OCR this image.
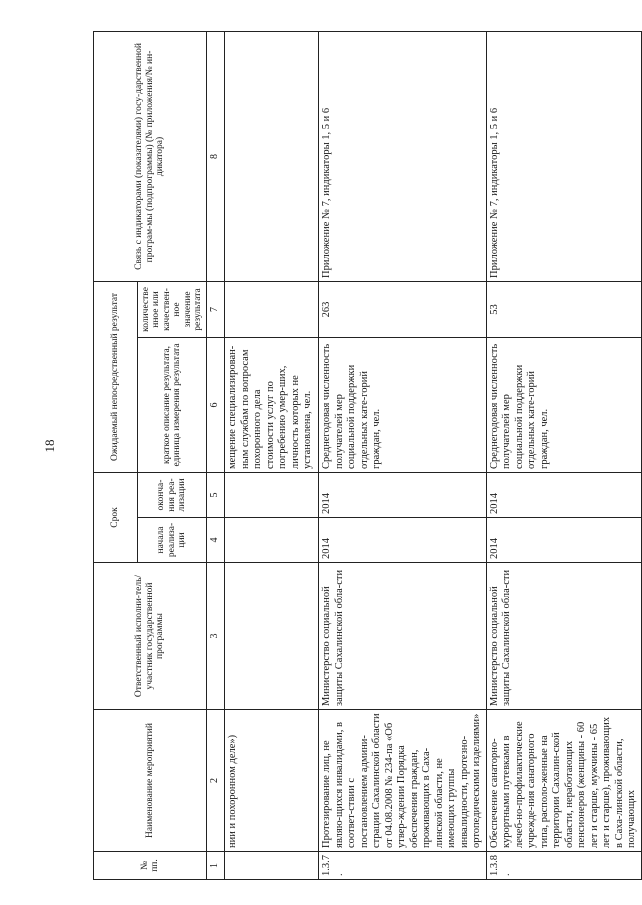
18
№ пп.	Наименование мероприятий	Ответственный исполни-тель/участник государственной программы	Срок		Ожидаемый непосредственный результат		Связь с индикаторами (показателями) госу-дарственной програм-мы (подпрограммы) (№ приложения/№ ин-дикатора)
			начала реализа-ции	оконча-ния реа-лизации	краткое описание результата, единица измерения результата	количественное или качествен-ное значение результата	
1	2	3	4	5	6	7	8
	нии и похоронном деле»)				мещение специализирован-ным службам по вопросам похоронного дела стоимости услуг по погребению умер-ших, личность которых не установлена, чел.		
1.3.7.	Протезирование лиц, не являю-щихся инвалидами, в соответ-ствии с постановлением админи-страции Сахалинской области от 04.08.2008 № 234-па «Об утвер-ждении Порядка обеспечения граждан, проживающих в Саха-линской области, не имеющих группы инвалидности, протезно-ортопедическими изделиями»	Министерство социальной защиты Сахалинской обла-сти	2014	2014	Среднегодовая численность получателей мер социальной поддержки отдельных кате-горий граждан, чел.	263	Приложение № 7, индикаторы 1, 5 и 6
1.3.8.	Обеспечение санаторно-курортными путевками в лечеб-но-профилактические учрежде-ния санаторного типа, располо-женные на территории Сахалин-ской области, неработающих пенсионеров (женщины - 60 лет и старше, мужчины - 65 лет и старше), проживающих в Саха-линской области, получающих	Министерство социальной защиты Сахалинской обла-сти	2014	2014	Среднегодовая численность получателей мер социальной поддержки отдельных кате-горий граждан, чел.	53	Приложение № 7, индикаторы 1, 5 и 6
